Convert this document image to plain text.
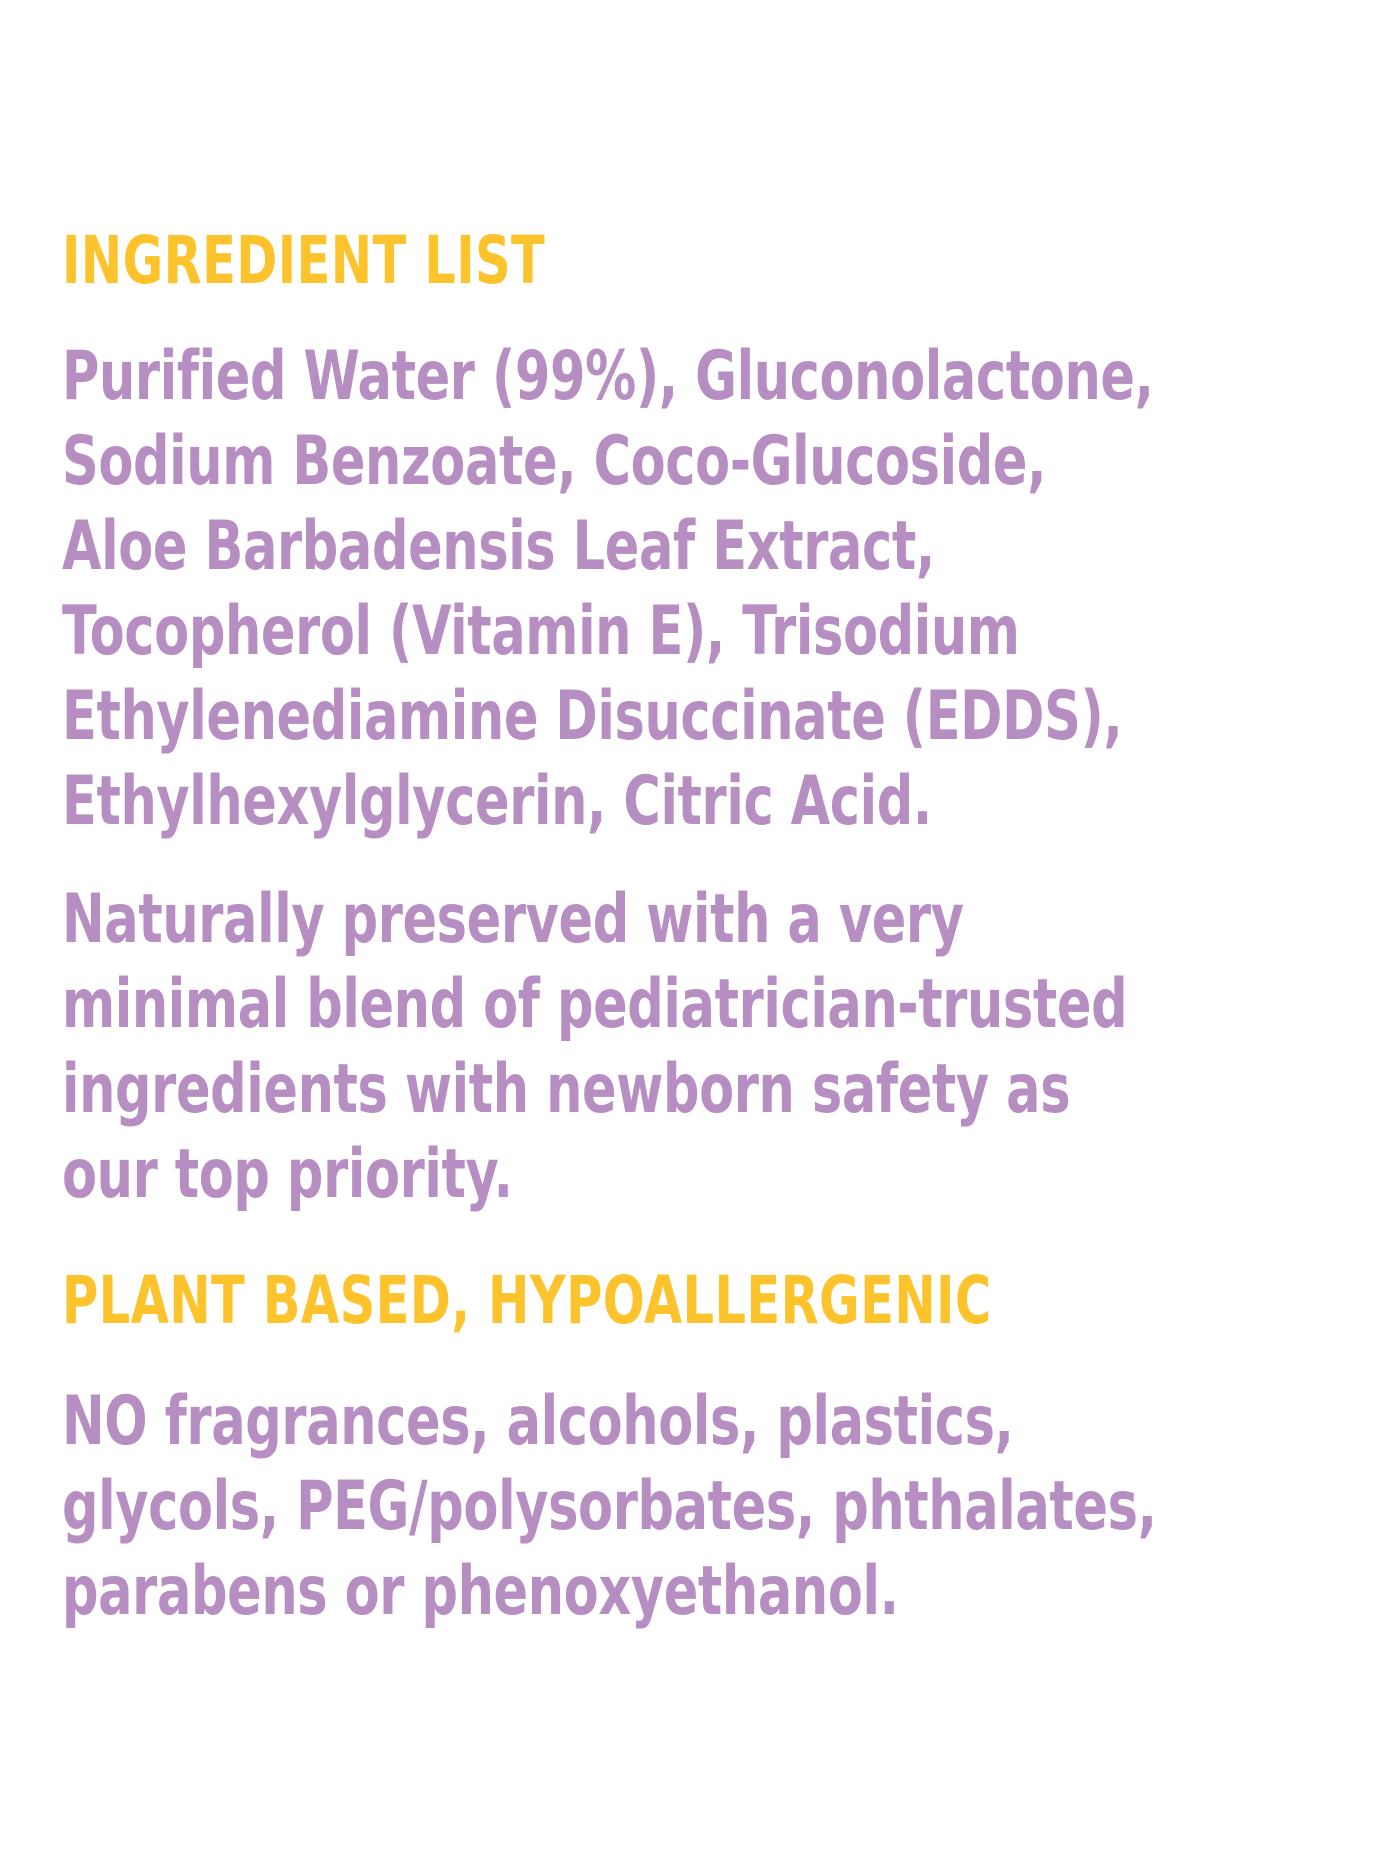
INGREDIENT LIST
Purified Water (99%), Gluconolactone,
Sodium Benzoate, Coco-Glucoside,
Aloe Barbadensis Leaf Extract,
Tocopherol (Vitamin E), Trisodium
Ethylenediamine Disuccinate (EDDS),
Ethylhexylglycerin, Citric Acid.
Naturally preserved with a very
minimal blend of pediatrician-trusted
ingredients with newborn safety as
our top priority.
PLANT BASED, HYPOALLERGENIC
NO fragrances, alcohols, plastics,
glycols, PEG/polysorbates, phthalates,
parabens or phenoxyethanol.
